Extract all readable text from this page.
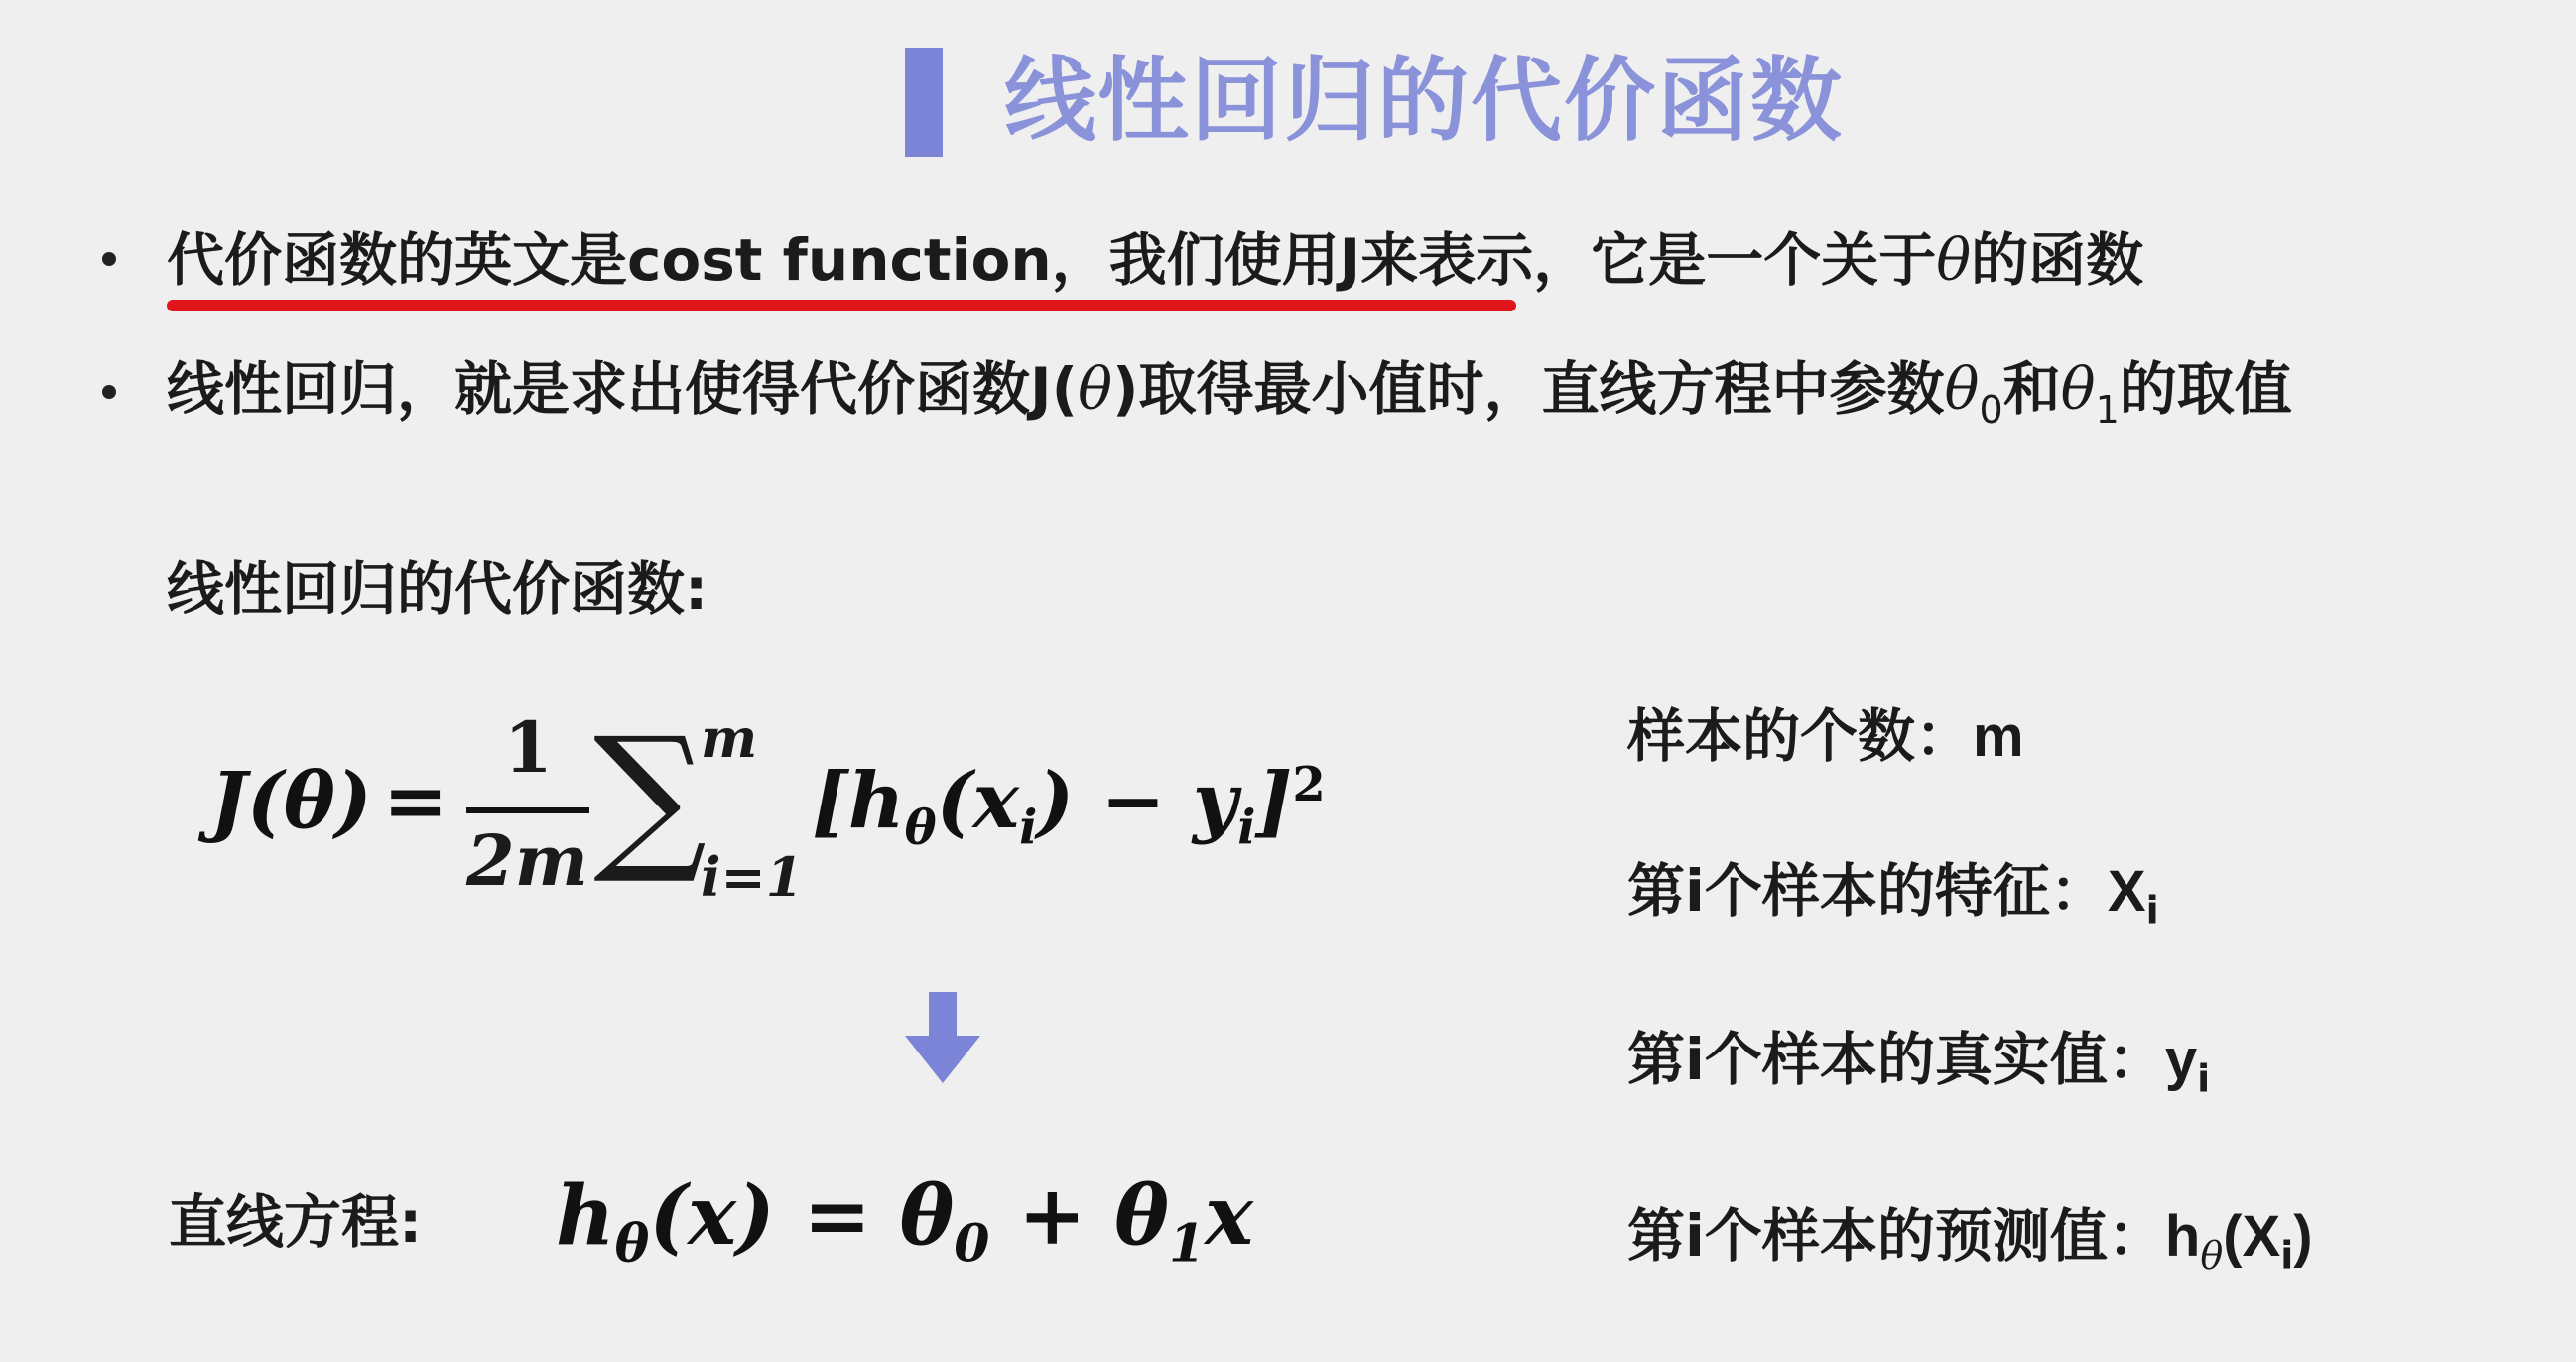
线性回归的代价函数
代价函数的英文是cost function，我们使用J来表示，它是一个关于θ的函数
线性回归，就是求出使得代价函数J(θ)取得最小值时，直线方程中参数$\theta_0$和$\theta_1$的取值
线性回归的代价函数:
J(θ) =
1
2m ∑
m
i=1
$[h_\theta(x_i) - y_i]^2$
直线方程: $h_\theta(x) = \theta_0 + \theta_1x$
样本的个数：m
第i个样本的特征：$X_i$
第i个样本的真实值：$y_i$
第i个样本的预测值：$h_\theta(X_i)$
